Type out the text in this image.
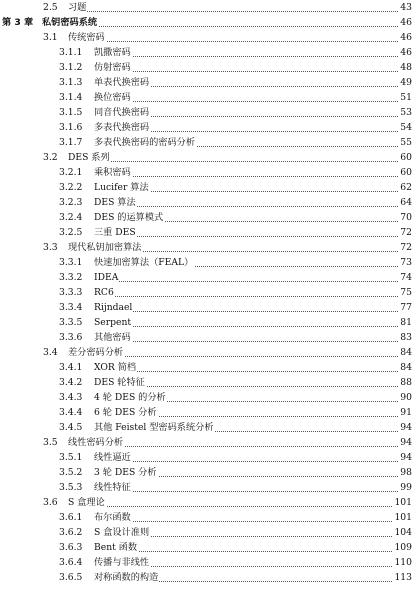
2.5 习题	43
第 3 章 私钥密码系统	46
3.1 传统密码	46
3.1.1 凯撒密码	46
3.1.2 仿射密码	48
3.1.3 单表代换密码	49
3.1.4 换位密码	51
3.1.5 同音代换密码	53
3.1.6 多表代换密码	54
3.1.7 多表代换密码的密码分析	55
3.2 DES 系列	60
3.2.1 乘积密码	60
3.2.2 Lucifer 算法	62
3.2.3 DES 算法	64
3.2.4 DES 的运算模式	70
3.2.5 三重 DES	72
3.3 现代私钥加密算法	72
3.3.1 快速加密算法（FEAL）	73
3.3.2 IDEA	74
3.3.3 RC6	75
3.3.4 Rijndael	77
3.3.5 Serpent	81
3.3.6 其他密码	83
3.4 差分密码分析	84
3.4.1 XOR 简档	84
3.4.2 DES 轮特征	88
3.4.3 4 轮 DES 的分析	90
3.4.4 6 轮 DES 分析	91
3.4.5 其他 Feistel 型密码系统分析	94
3.5 线性密码分析	94
3.5.1 线性逼近	94
3.5.2 3 轮 DES 分析	98
3.5.3 线性特征	99
3.6 S 盒理论	101
3.6.1 布尔函数	101
3.6.2 S 盒设计准则	104
3.6.3 Bent 函数	109
3.6.4 传播与非线性	110
3.6.5 对称函数的构造	113
